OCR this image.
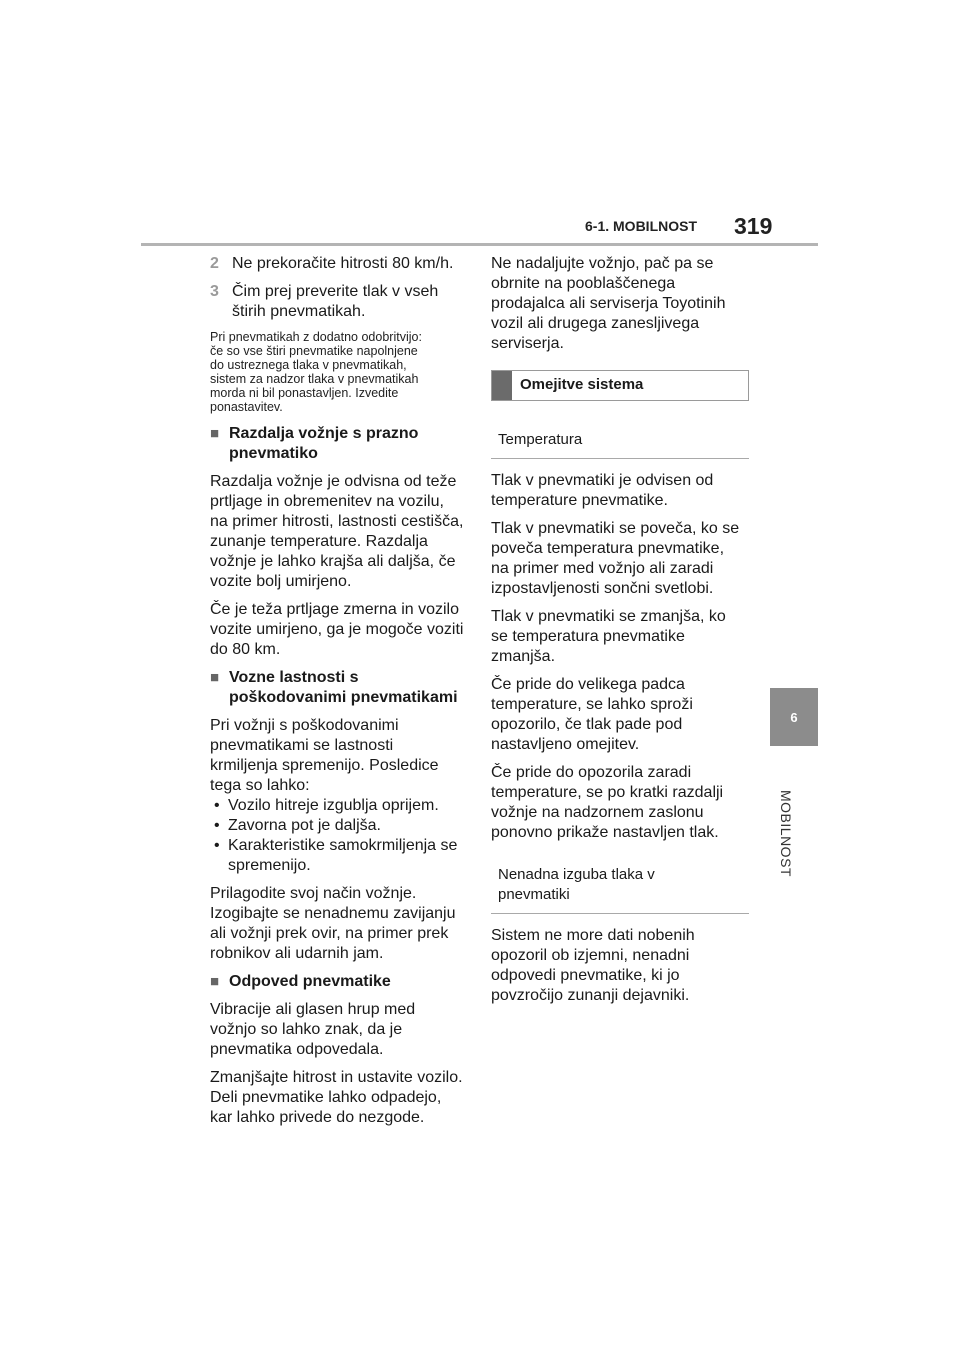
6-1. MOBILNOST 319
6
MOBILNOST
2 Ne prekoračite hitrosti 80 km/h.
3 Čim prej preverite tlak v vseh
štirih pnevmatikah.
Pri pnevmatikah z dodatno odobritvijo:
če so vse štiri pnevmatike napolnjene
do ustreznega tlaka v pnevmatikah,
sistem za nadzor tlaka v pnevmatikah
morda ni bil ponastavljen. Izvedite
ponastavitev.
■ Razdalja vožnje s prazno
pnevmatiko
Razdalja vožnje je odvisna od teže
prtljage in obremenitev na vozilu,
na primer hitrosti, lastnosti cestišča,
zunanje temperature. Razdalja
vožnje je lahko krajša ali daljša, če
vozite bolj umirjeno.
Če je teža prtljage zmerna in vozilo
vozite umirjeno, ga je mogoče voziti
do 80 km.
■ Vozne lastnosti s
poškodovanimi pnevmatikami
Pri vožnji s poškodovanimi
pnevmatikami se lastnosti
krmiljenja spremenijo. Posledice
tega so lahko:
• Vozilo hitreje izgublja oprijem.
• Zavorna pot je daljša.
• Karakteristike samokrmiljenja se spremenijo.
Prilagodite svoj način vožnje.
Izogibajte se nenadnemu zavijanju
ali vožnji prek ovir, na primer prek
robnikov ali udarnih jam.
■ Odpoved pnevmatike
Vibracije ali glasen hrup med
vožnjo so lahko znak, da je
pnevmatika odpovedala.
Zmanjšajte hitrost in ustavite vozilo.
Deli pnevmatike lahko odpadejo,
kar lahko privede do nezgode.
Ne nadaljujte vožnjo, pač pa se
obrnite na pooblaščenega
prodajalca ali serviserja Toyotinih
vozil ali drugega zanesljivega
serviserja.
Omejitve sistema
Temperatura
Tlak v pnevmatiki je odvisen od
temperature pnevmatike.
Tlak v pnevmatiki se poveča, ko se
poveča temperatura pnevmatike,
na primer med vožnjo ali zaradi
izpostavljenosti sončni svetlobi.
Tlak v pnevmatiki se zmanjša, ko
se temperatura pnevmatike
zmanjša.
Če pride do velikega padca
temperature, se lahko sproži
opozorilo, če tlak pade pod
nastavljeno omejitev.
Če pride do opozorila zaradi
temperature, se po kratki razdalji
vožnje na nadzornem zaslonu
ponovno prikaže nastavljen tlak.
Nenadna izguba tlaka v
pnevmatiki
Sistem ne more dati nobenih
opozoril ob izjemni, nenadni
odpovedi pnevmatike, ki jo
povzročijo zunanji dejavniki.
